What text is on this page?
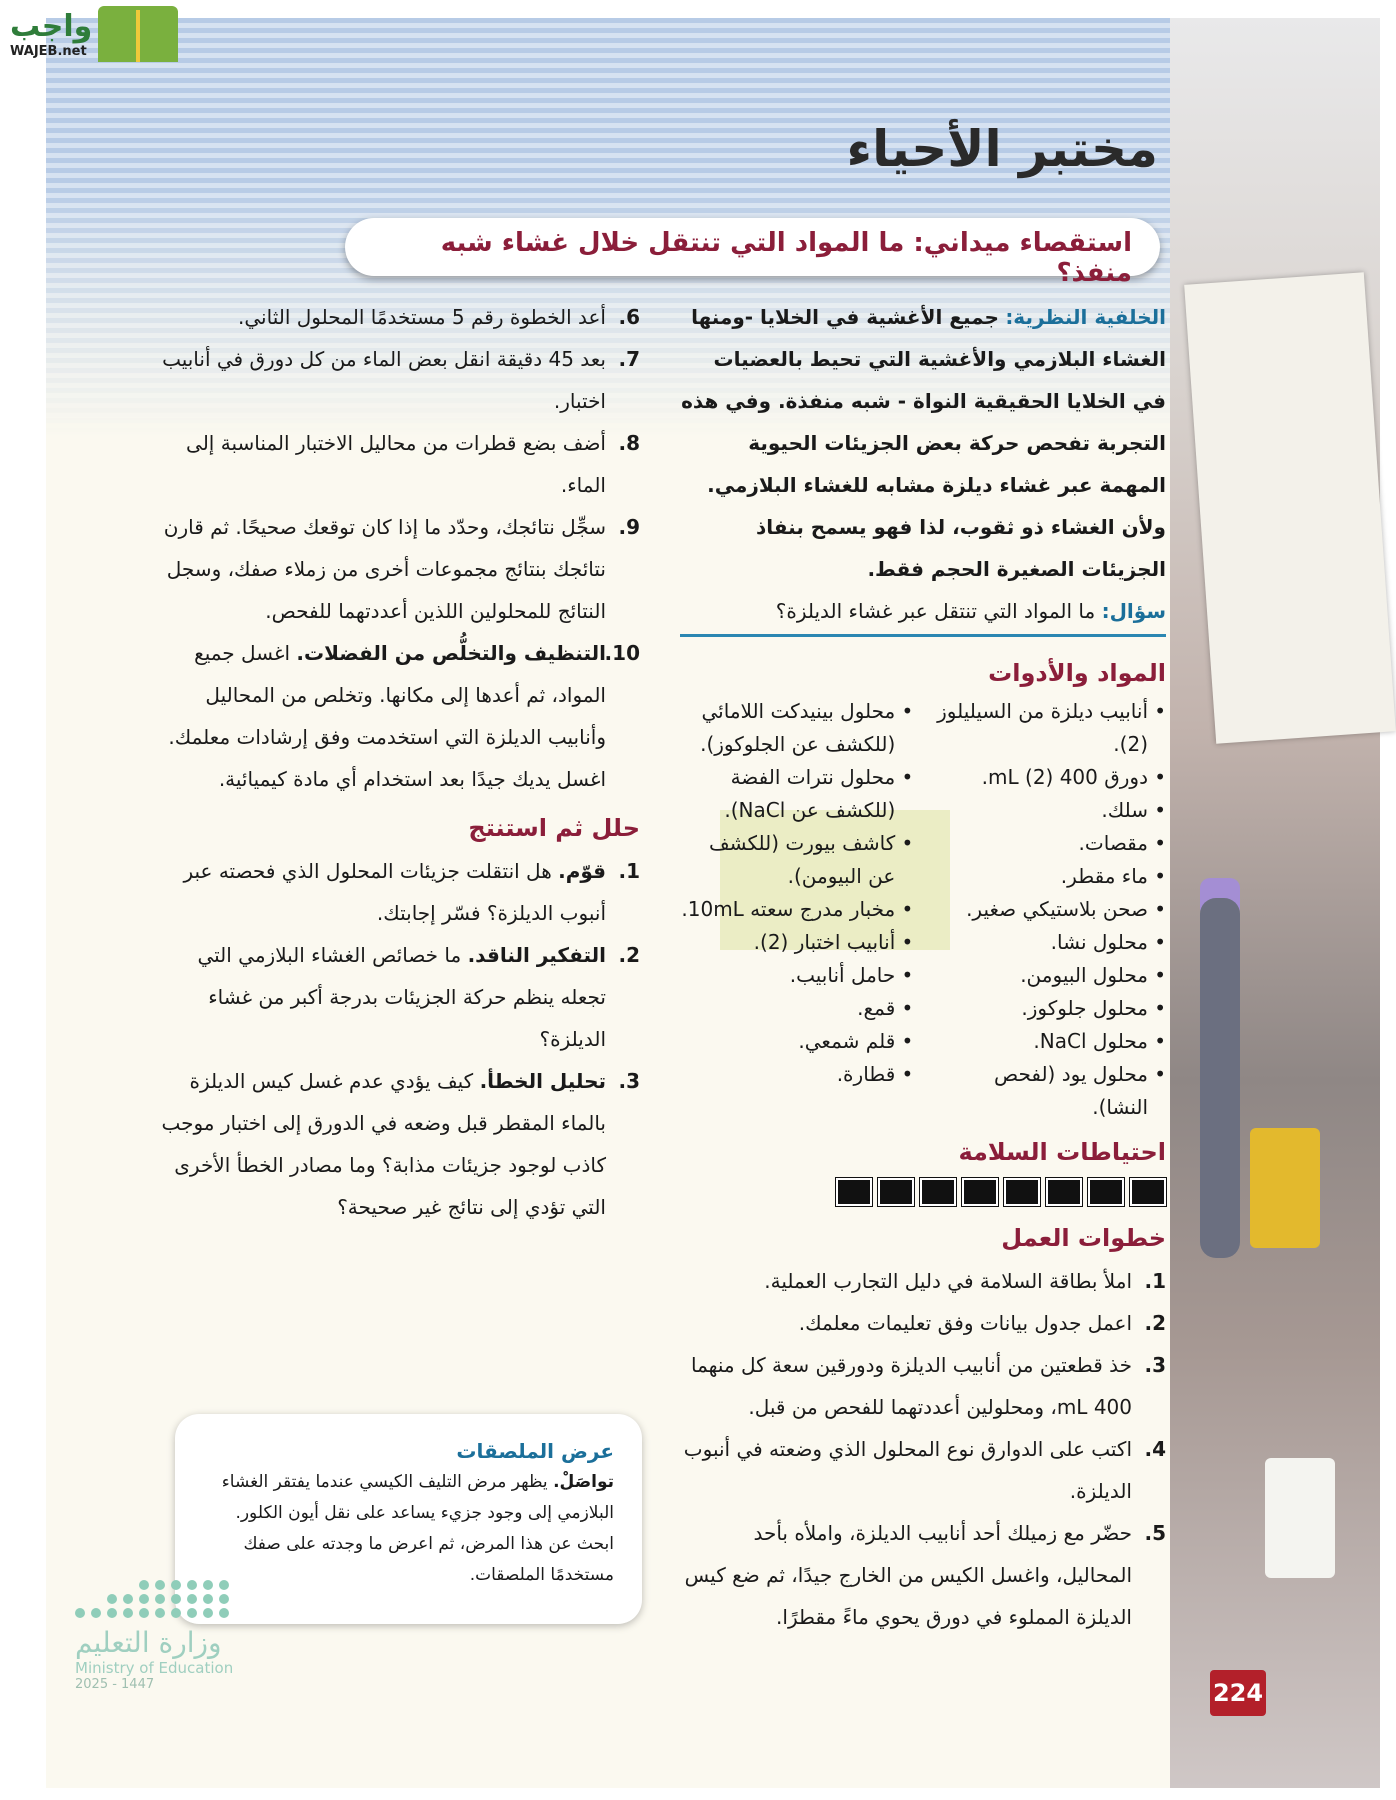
واجب
WAJEB.net
مختبر الأحياء
استقصاء ميداني: ما المواد التي تنتقل خلال غشاء شبه منفذ؟

الخلفية النظرية: جميع الأغشية في الخلايا -ومنها الغشاء البلازمي والأغشية التي تحيط بالعضيات في الخلايا الحقيقية النواة - شبه منفذة. وفي هذه التجربة تفحص حركة بعض الجزيئات الحيوية المهمة عبر غشاء ديلزة مشابه للغشاء البلازمي. ولأن الغشاء ذو ثقوب، لذا فهو يسمح بنفاذ الجزيئات الصغيرة الحجم فقط.

سؤال: ما المواد التي تنتقل عبر غشاء الديلزة؟

المواد والأدوات
• أنابيب ديلزة من السيليلوز (2).
• دورق 400 mL (2).
• سلك.
• مقصات.
• ماء مقطر.
• صحن بلاستيكي صغير.
• محلول نشا.
• محلول البيومن.
• محلول جلوكوز.
• محلول NaCl.
• محلول يود (لفحص النشا).
• محلول بينيدكت اللامائي (للكشف عن الجلوكوز).
• محلول نترات الفضة (للكشف عن NaCl).
• كاشف بيورت (للكشف عن البيومن).
• مخبار مدرج سعته 10mL.
• أنابيب اختبار (2).
• حامل أنابيب.
• قمع.
• قلم شمعي.
• قطارة.
احتياطات السلامة
خطوات العمل
1.
املأ بطاقة السلامة في دليل التجارب العملية.
2.
اعمل جدول بيانات وفق تعليمات معلمك.
3.
خذ قطعتين من أنابيب الديلزة ودورقين سعة كل منهما 400 mL، ومحلولين أعددتهما للفحص من قبل.
4.
اكتب على الدوارق نوع المحلول الذي وضعته في أنبوب الديلزة.
5.
حضّر مع زميلك أحد أنابيب الديلزة، واملأه بأحد المحاليل، واغسل الكيس من الخارج جيدًا، ثم ضع كيس الديلزة المملوء في دورق يحوي ماءً مقطرًا.
6.
أعد الخطوة رقم 5 مستخدمًا المحلول الثاني.
7.
بعد 45 دقيقة انقل بعض الماء من كل دورق في أنابيب اختبار.
8.
أضف بضع قطرات من محاليل الاختبار المناسبة إلى الماء.
9.
سجِّل نتائجك، وحدّد ما إذا كان توقعك صحيحًا. ثم قارن نتائجك بنتائج مجموعات أخرى من زملاء صفك، وسجل النتائج للمحلولين اللذين أعددتهما للفحص.
10.
التنظيف والتخلُّص من الفضلات. اغسل جميع المواد، ثم أعدها إلى مكانها. وتخلص من المحاليل وأنابيب الديلزة التي استخدمت وفق إرشادات معلمك. اغسل يديك جيدًا بعد استخدام أي مادة كيميائية.
حلل ثم استنتج
1.
قوّم. هل انتقلت جزيئات المحلول الذي فحصته عبر أنبوب الديلزة؟ فسّر إجابتك.
2.
التفكير الناقد. ما خصائص الغشاء البلازمي التي تجعله ينظم حركة الجزيئات بدرجة أكبر من غشاء الديلزة؟
3.
تحليل الخطأ. كيف يؤدي عدم غسل كيس الديلزة بالماء المقطر قبل وضعه في الدورق إلى اختبار موجب كاذب لوجود جزيئات مذابة؟ وما مصادر الخطأ الأخرى التي تؤدي إلى نتائج غير صحيحة؟
عرض الملصقات

تواصَلْ. يظهر مرض التليف الكيسي عندما يفتقر الغشاء البلازمي إلى وجود جزيء يساعد على نقل أيون الكلور. ابحث عن هذا المرض، ثم اعرض ما وجدته على صفك مستخدمًا الملصقات.

224
وزارة التعليم
Ministry of Education
2025 - 1447
